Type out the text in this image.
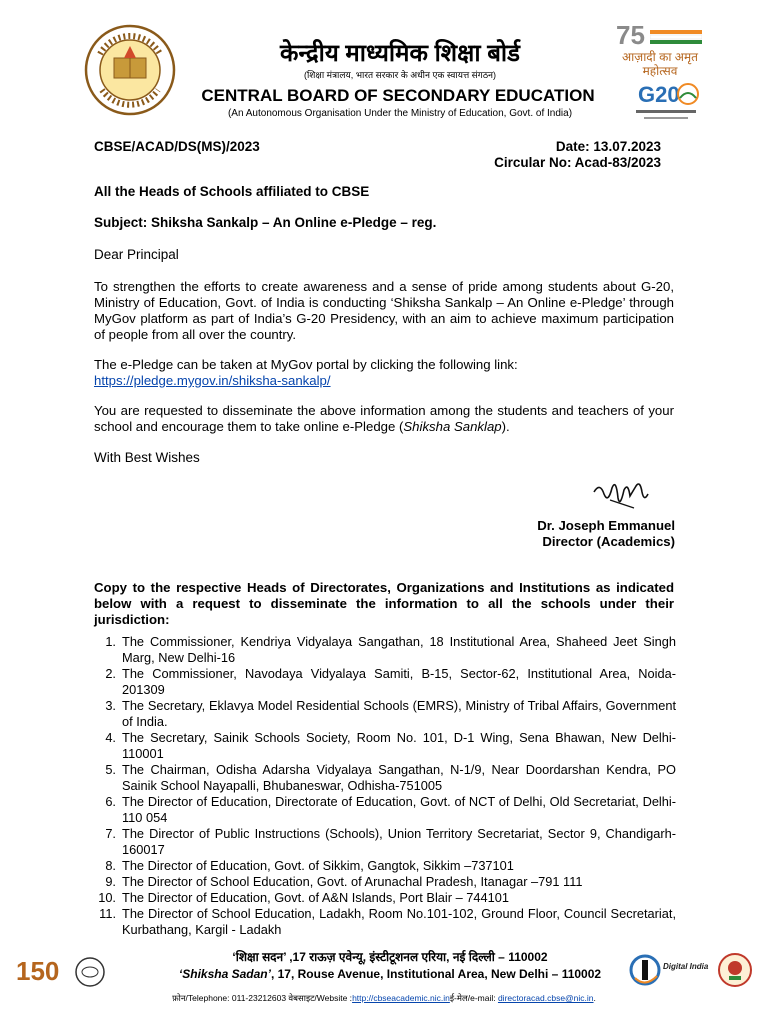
केन्द्रीय माध्यमिक शिक्षा बोर्ड
(शिक्षा मंत्रालय, भारत सरकार के अधीन एक स्वायत्त संगठन)
CENTRAL BOARD OF SECONDARY EDUCATION
(An Autonomous Organisation Under the Ministry of Education, Govt. of India)
75
आज़ादी का अमृत महोत्सव
G20
CBSE/ACAD/DS(MS)/2023	Date: 13.07.2023
Circular No: Acad-83/2023
All the Heads of Schools affiliated to CBSE
Subject: Shiksha Sankalp – An Online e-Pledge – reg.
Dear Principal
To strengthen the efforts to create awareness and a sense of pride among students about G-20, Ministry of Education, Govt. of India is conducting ‘Shiksha Sankalp – An Online e-Pledge’ through MyGov platform as part of India’s G-20 Presidency, with an aim to achieve maximum participation of people from all over the country.
The e-Pledge can be taken at MyGov portal by clicking the following link:
https://pledge.mygov.in/shiksha-sankalp/
You are requested to disseminate the above information among the students and teachers of your school and encourage them to take online e-Pledge (Shiksha Sanklap).
With Best Wishes
Dr. Joseph Emmanuel
Director (Academics)
Copy to the respective Heads of Directorates, Organizations and Institutions as indicated below with a request to disseminate the information to all the schools under their jurisdiction:
1. The Commissioner, Kendriya Vidyalaya Sangathan, 18 Institutional Area, Shaheed Jeet Singh Marg, New Delhi-16
2. The Commissioner, Navodaya Vidyalaya Samiti, B-15, Sector-62, Institutional Area, Noida-201309
3. The Secretary, Eklavya Model Residential Schools (EMRS), Ministry of Tribal Affairs, Government of India.
4. The Secretary, Sainik Schools Society, Room No. 101, D-1 Wing, Sena Bhawan, New Delhi-110001
5. The Chairman, Odisha Adarsha Vidyalaya Sangathan, N-1/9, Near Doordarshan Kendra, PO Sainik School Nayapalli, Bhubaneswar, Odhisha-751005
6. The Director of Education, Directorate of Education, Govt. of NCT of Delhi, Old Secretariat, Delhi-110 054
7. The Director of Public Instructions (Schools), Union Territory Secretariat, Sector 9, Chandigarh-160017
8. The Director of Education, Govt. of Sikkim, Gangtok, Sikkim –737101
9. The Director of School Education, Govt. of Arunachal Pradesh, Itanagar –791 111
10. The Director of Education, Govt. of A&N Islands, Port Blair – 744101
11. The Director of School Education, Ladakh, Room No.101-102, Ground Floor, Council Secretariat, Kurbathang, Kargil - Ladakh
150	‘शिक्षा सदन’ ,17 राऊज़ एवेन्यू, इंस्टीटूशनल एरिया, नई दिल्ली – 110002
‘Shiksha Sadan’, 17, Rouse Avenue, Institutional Area, New Delhi – 110002
Digital India
फ़ोन/Telephone: 011-23212603 वेबसाइट/Website :http://cbseacademic.nic.inई-मेल/e-mail: directoracad.cbse@nic.in.
